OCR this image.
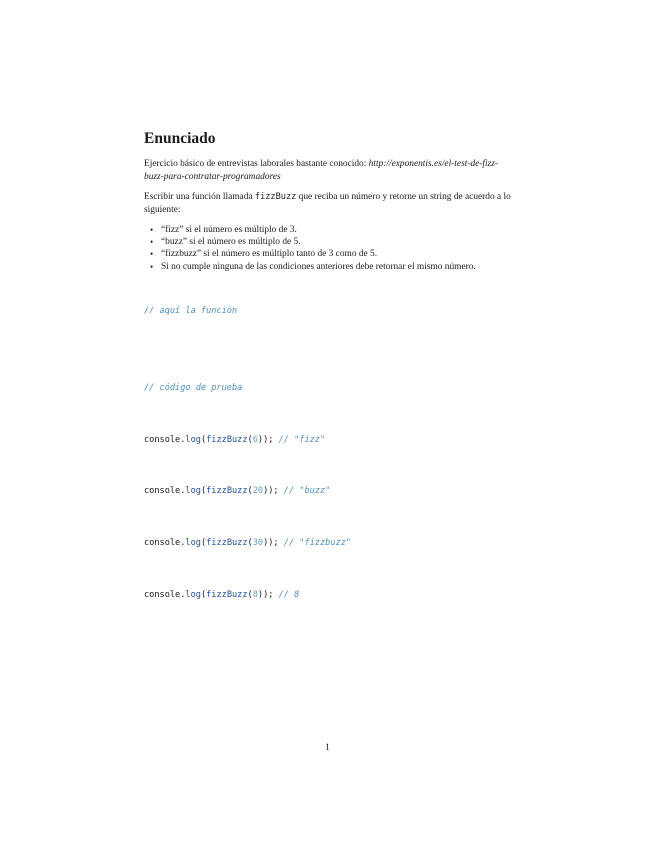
Enunciado

Ejercicio básico de entrevistas laborales bastante conocido: http://exponentis.es/el-test-de-fizz-buzz-para-contratar-programadores

Escribir una función llamada fizzBuzz que reciba un número y retorne un string de acuerdo a lo siguiente:

• “fizz” si el número es múltiplo de 3.
• “buzz” si el número es múltiplo de 5.
• “fizzbuzz” si el número es múltiplo tanto de 3 como de 5.
• Si no cumple ninguna de las condiciones anteriores debe retornar el mismo número.

// aquí la función

// código de prueba

console.log(fizzBuzz(6)); // "fizz"

console.log(fizzBuzz(20)); // "buzz"

console.log(fizzBuzz(30)); // "fizzbuzz"

console.log(fizzBuzz(8)); // 8

1
